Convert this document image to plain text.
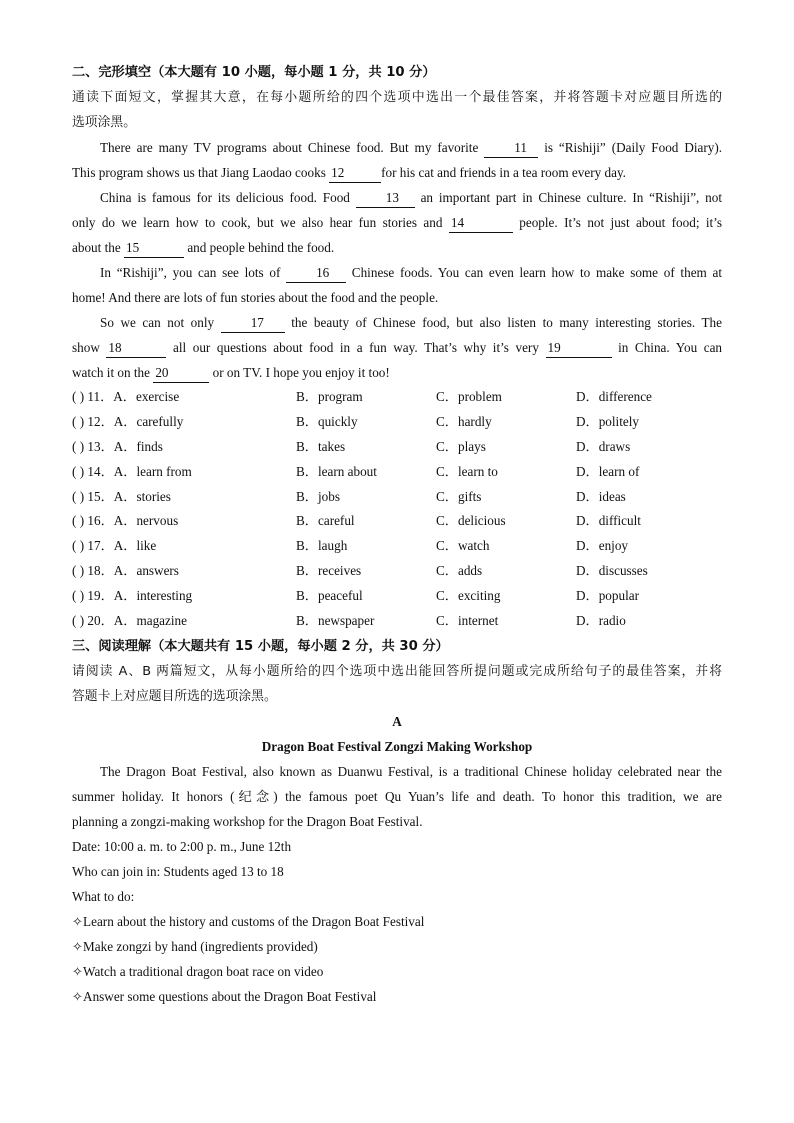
二、完形填空（本大题有 10 小题，每小题 1 分，共 10 分）
通读下面短文，掌握其大意，在每小题所给的四个选项中选出一个最佳答案，并将答题卡对应题目所选的
选项涂黑。
There are many TV programs about Chinese food. But my favorite	11 is “Rishiji” (Daily Food Diary).
This program shows us that Jiang Laodao cooks 12	for his cat and friends in a tea room every day.
China is famous for its delicious food. Food	13 an important part in Chinese culture. In “Rishiji”, not
only do we learn how to cook, but we also hear fun stories and 14	people. It’s not just about food; it’s
about the 15	and people behind the food.
In “Rishiji”, you can see lots of	16 Chinese foods. You can even learn how to make some of them at
home! And there are lots of fun stories about the food and the people.
So we can not only	17 the beauty of Chinese food, but also listen to many interesting stories. The
show 18	all our questions about food in a fun way. That’s why it’s very 19	in China. You can
watch it on the 20	or on TV. I hope you enjoy it too!
( ) 11．A．exercise	B．program	C．problem	D．difference
( ) 12．A．carefully	B．quickly	C．hardly	D．politely
( ) 13．A．finds	B．takes	C．plays	D．draws
( ) 14．A．learn from	B．learn about	C．learn to	D．learn of
( ) 15．A．stories	B．jobs	C．gifts	D．ideas
( ) 16．A．nervous	B．careful	C．delicious	D．difficult
( ) 17．A．like	B．laugh	C．watch	D．enjoy
( ) 18．A．answers	B．receives	C．adds	D．discusses
( ) 19．A．interesting	B．peaceful	C．exciting	D．popular
( ) 20．A．magazine	B．newspaper	C．internet	D．radio
三、阅读理解（本大题共有 15 小题，每小题 2 分，共 30 分）
请阅读 A、B 两篇短文，从每小题所给的四个选项中选出能回答所提问题或完成所给句子的最佳答案，并将
答题卡上对应题目所选的选项涂黑。
A
Dragon Boat Festival Zongzi Making Workshop
The Dragon Boat Festival, also known as Duanwu Festival, is a traditional Chinese holiday celebrated near the
summer holiday. It honors (纪念) the famous poet Qu Yuan’s life and death. To honor this tradition, we are
planning a zongzi-making workshop for the Dragon Boat Festival.
Date: 10:00 a. m. to 2:00 p. m., June 12th
Who can join in: Students aged 13 to 18
What to do:
✧Learn about the history and customs of the Dragon Boat Festival
✧Make zongzi by hand (ingredients provided)
✧Watch a traditional dragon boat race on video
✧Answer some questions about the Dragon Boat Festival
